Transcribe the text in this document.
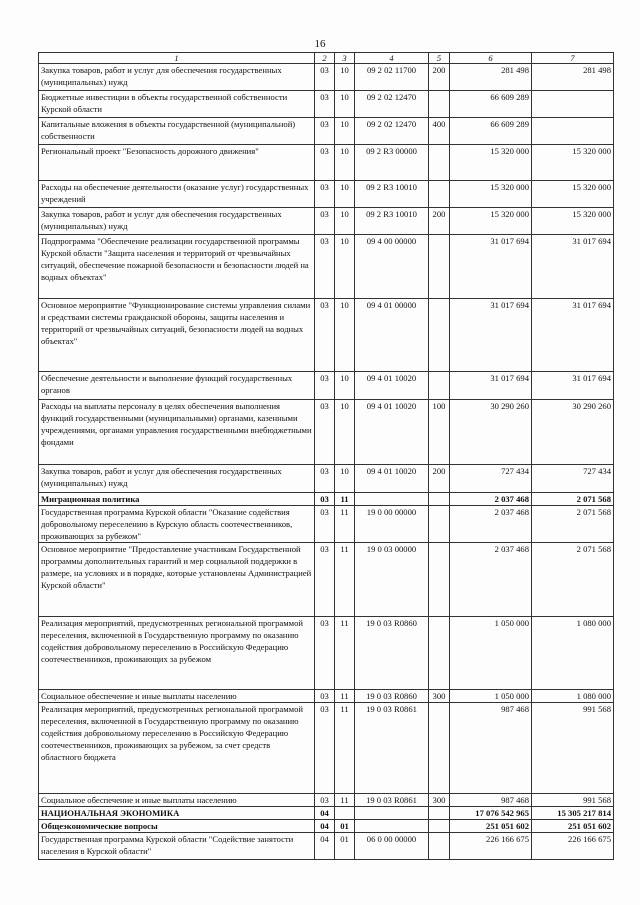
16
1	2	3	4	5	6	7
Закупка товаров, работ и услуг для обеспечения государственных (муниципальных) нужд	03	10	09 2 02 11700	200	281 498	281 498
Бюджетные инвестиции в объекты государственной собственности Курской области	03	10	09 2 02 12470		66 609 289	
Капитальные вложения в объекты государственной (муниципальной) собственности	03	10	09 2 02 12470	400	66 609 289	
Региональный проект "Безопасность дорожного движения"	03	10	09 2 R3 00000		15 320 000	15 320 000
Расходы на обеспечение деятельности (оказание услуг) государственных учреждений	03	10	09 2 R3 10010		15 320 000	15 320 000
Закупка товаров, работ и услуг для обеспечения государственных (муниципальных) нужд	03	10	09 2 R3 10010	200	15 320 000	15 320 000
Подпрограмма "Обеспечение реализации государственной программы Курской области "Защита населения и территорий от чрезвычайных ситуаций, обеспечение пожарной безопасности и безопасности людей на водных объектах"	03	10	09 4 00 00000		31 017 694	31 017 694
Основное мероприятие "Функционирование системы управления силами и средствами системы гражданской обороны, защиты населения и территорий от чрезвычайных ситуаций, безопасности людей на водных объектах"	03	10	09 4 01 00000		31 017 694	31 017 694
Обеспечение деятельности и выполнение функций государственных органов	03	10	09 4 01 10020		31 017 694	31 017 694
Расходы на выплаты персоналу в целях обеспечения выполнения функций государственными (муниципальными) органами, казенными учреждениями, органами управления государственными внебюджетными фондами	03	10	09 4 01 10020	100	30 290 260	30 290 260
Закупка товаров, работ и услуг для обеспечения государственных (муниципальных) нужд	03	10	09 4 01 10020	200	727 434	727 434
Миграционная политика	03	11			2 037 468	2 071 568
Государственная программа Курской области "Оказание содействия добровольному переселению в Курскую область соотечественников, проживающих за рубежом"	03	11	19 0 00 00000		2 037 468	2 071 568
Основное мероприятие "Предоставление участникам Государственной программы дополнительных гарантий и мер социальной поддержки в размере, на условиях и в порядке, которые установлены Администрацией Курской области"	03	11	19 0 03 00000		2 037 468	2 071 568
Реализация мероприятий, предусмотренных региональной программой переселения, включенной в Государственную программу по оказанию содействия добровольному переселению в Российскую Федерацию соотечественников, проживающих за рубежом	03	11	19 0 03 R0860		1 050 000	1 080 000
Социальное обеспечение и иные выплаты населению	03	11	19 0 03 R0860	300	1 050 000	1 080 000
Реализация мероприятий, предусмотренных региональной программой переселения, включенной в Государственную программу по оказанию содействия добровольному переселению в Российскую Федерацию соотечественников, проживающих за рубежом, за счет средств областного бюджета	03	11	19 0 03 R0861		987 468	991 568
Социальное обеспечение и иные выплаты населению	03	11	19 0 03 R0861	300	987 468	991 568
НАЦИОНАЛЬНАЯ ЭКОНОМИКА	04				17 076 542 965	15 305 217 814
Общеэкономические вопросы	04	01			251 051 602	251 051 602
Государственная программа Курской области "Содействие занятости населения в Курской области"	04	01	06 0 00 00000		226 166 675	226 166 675
